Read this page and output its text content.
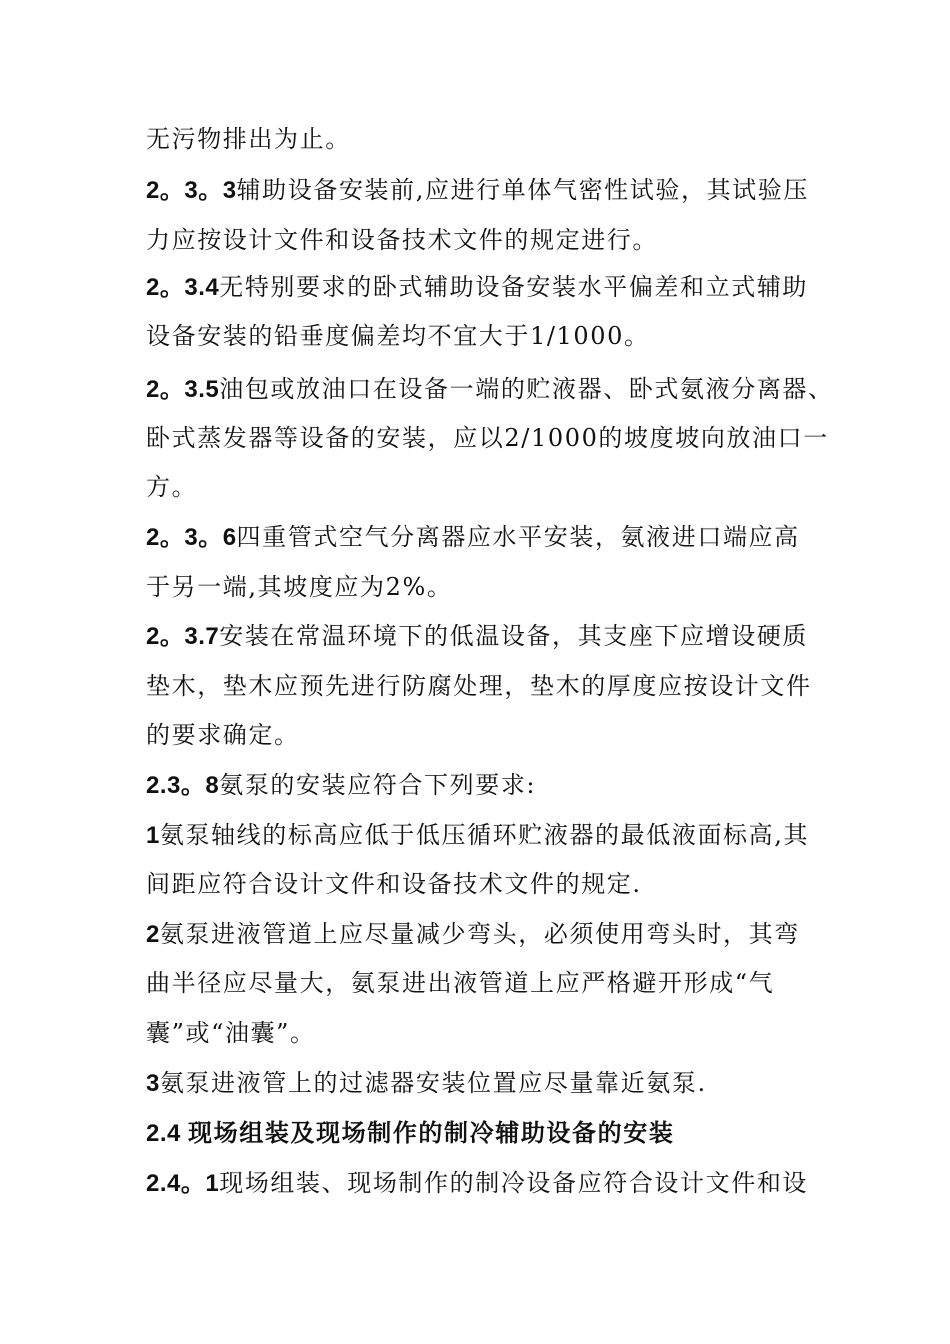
无污物排出为止。
2。3。3辅助设备安装前,应进行单体气密性试验，其试验压
力应按设计文件和设备技术文件的规定进行。
2。3.4无特别要求的卧式辅助设备安装水平偏差和立式辅助
设备安装的铅垂度偏差均不宜大于1/1000。
2。3.5油包或放油口在设备一端的贮液器、卧式氨液分离器、
卧式蒸发器等设备的安装，应以2/1000的坡度坡向放油口一
方。
2。3。6四重管式空气分离器应水平安装，氨液进口端应高
于另一端,其坡度应为2%。
2。3.7安装在常温环境下的低温设备，其支座下应增设硬质
垫木，垫木应预先进行防腐处理，垫木的厚度应按设计文件
的要求确定。
2.3。8氨泵的安装应符合下列要求:
1氨泵轴线的标高应低于低压循环贮液器的最低液面标高,其
间距应符合设计文件和设备技术文件的规定.
2氨泵进液管道上应尽量减少弯头，必须使用弯头时，其弯
曲半径应尽量大，氨泵进出液管道上应严格避开形成“气
囊”或“油囊”。
3氨泵进液管上的过滤器安装位置应尽量靠近氨泵.
2.4 现场组装及现场制作的制冷辅助设备的安装
2.4。1现场组装、现场制作的制冷设备应符合设计文件和设
